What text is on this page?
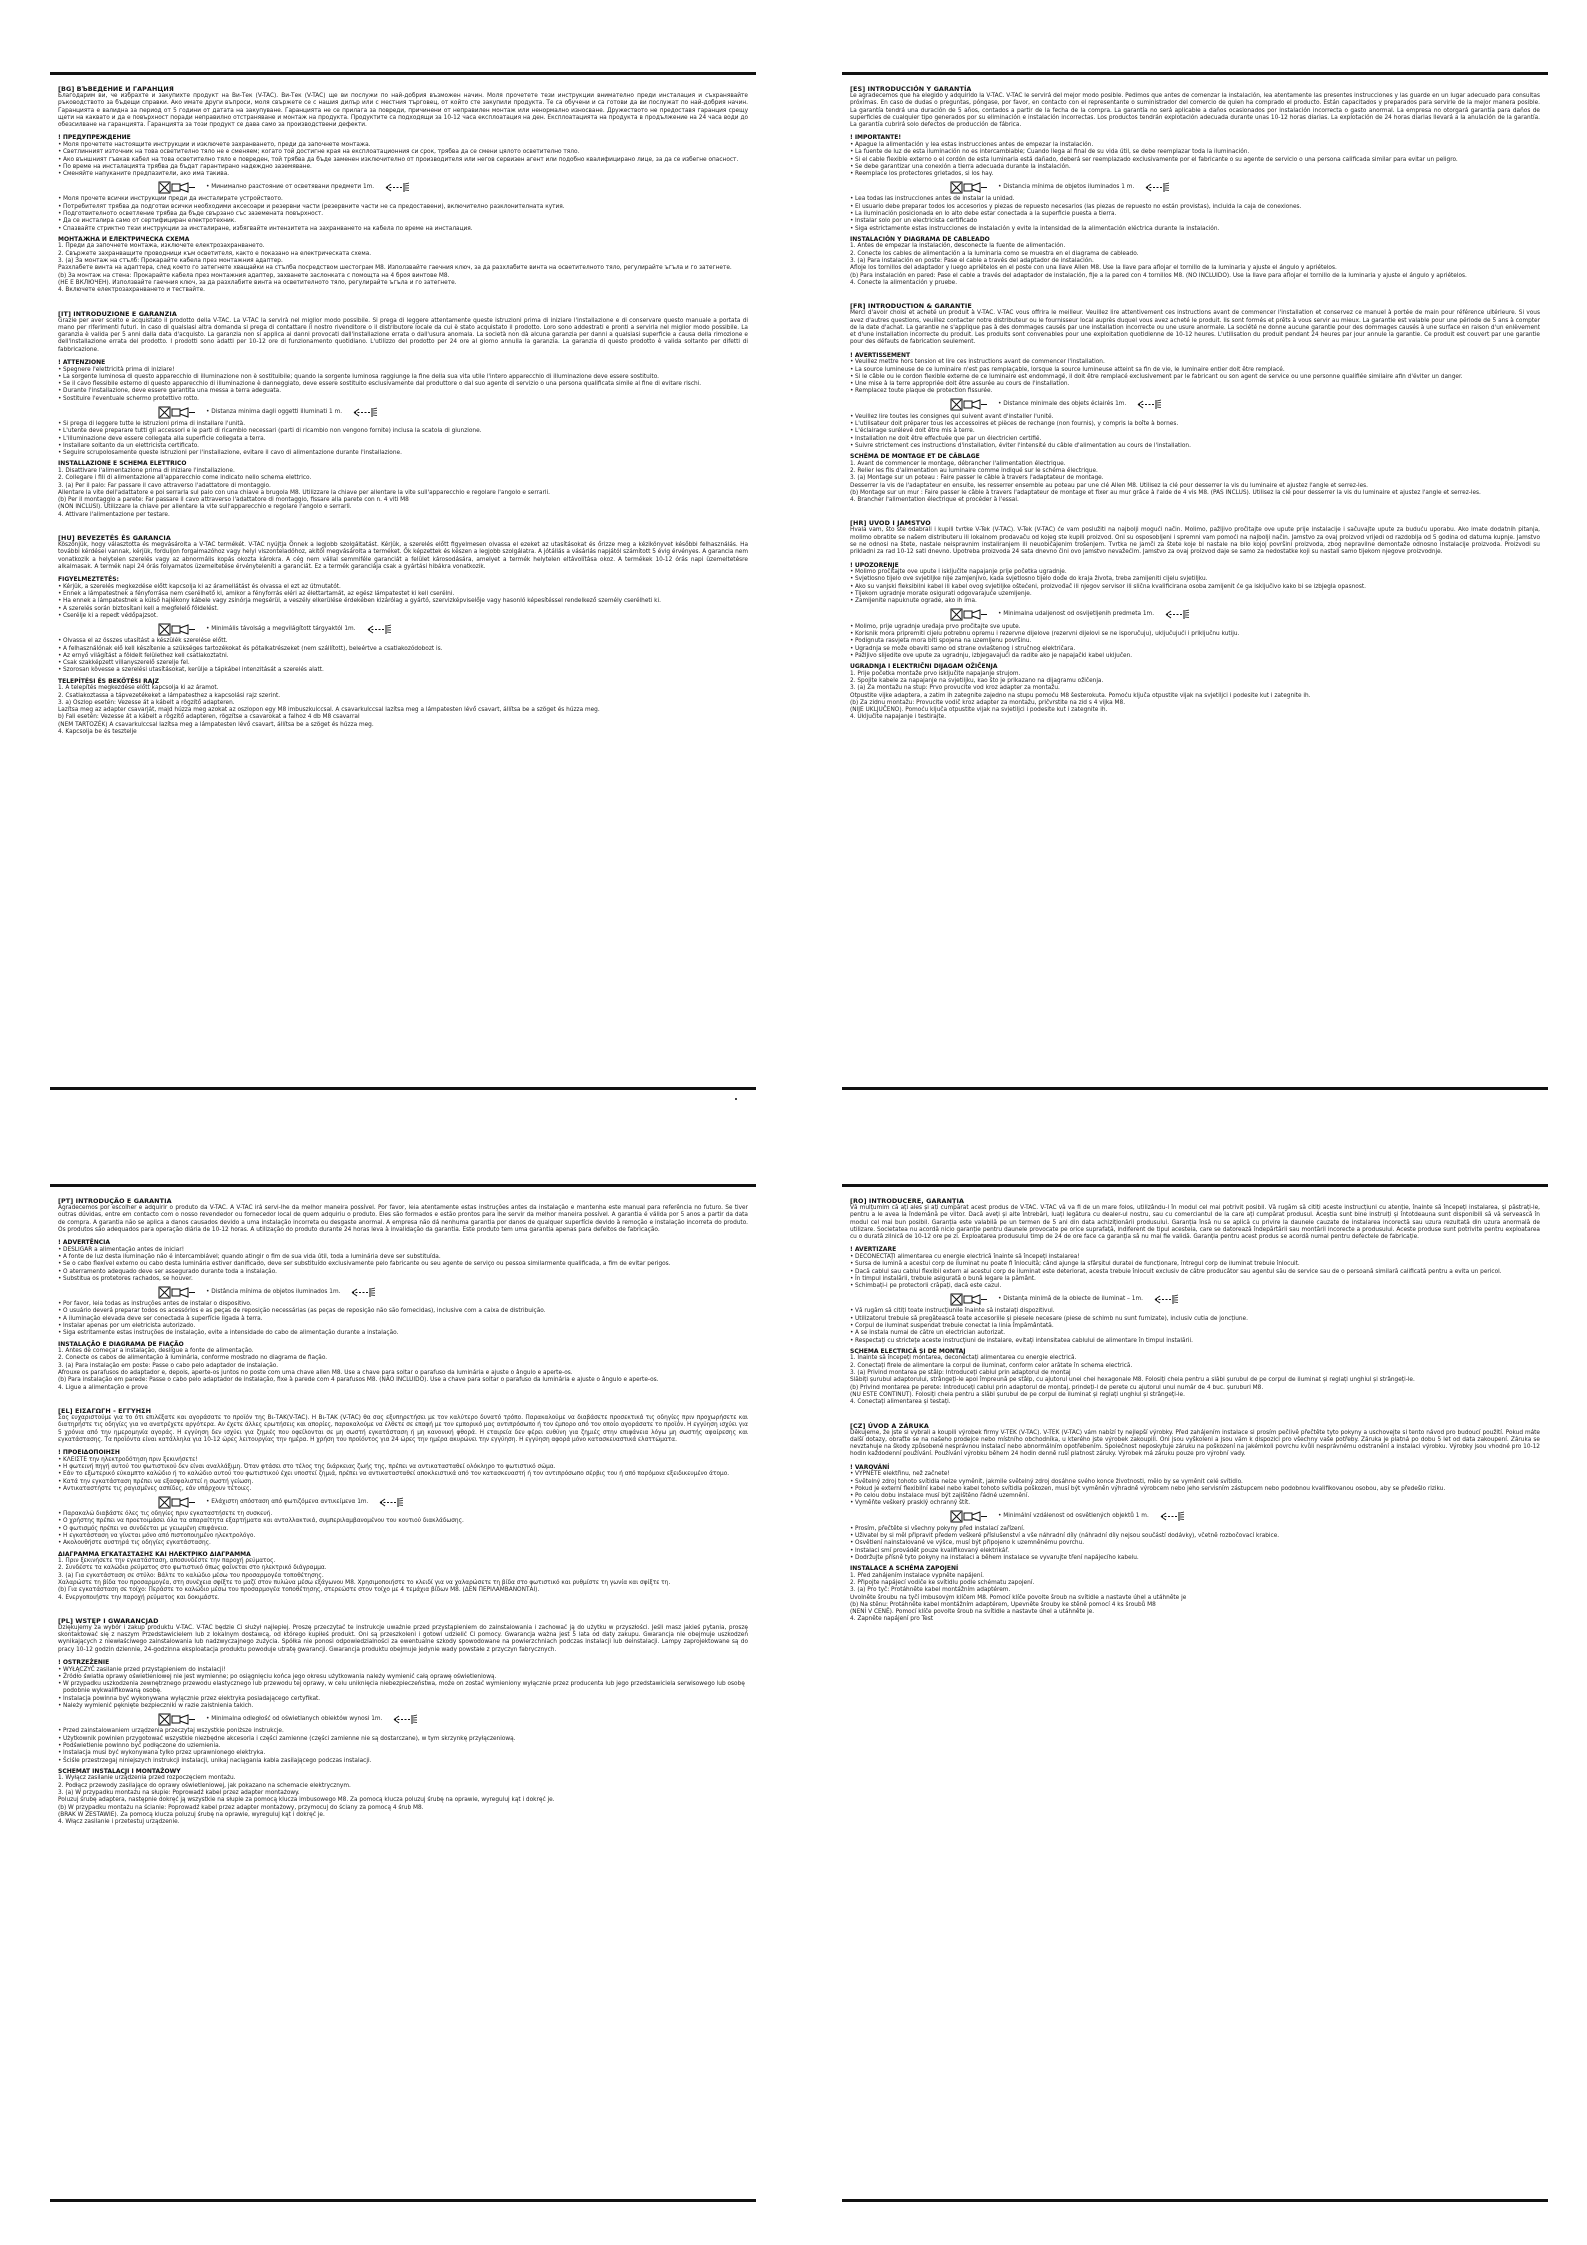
[BG] ВЪВЕДЕНИЕ И ГАРАНЦИЯ
Благодарим ви, че избрахте и закупихте продукт на Ви-Тек (V-TAC). Ви-Тек (V-TAC) ще ви послужи по най-добрия възможен начин. Моля прочетете тези инструкции внимателно преди инсталация и съхранявайте ръководството за бъдещи справки. Ако имате други въпроси, моля свържете се с нашия дилър или с местния търговец, от който сте закупили продукта. Те са обучени и са готови да ви послужат по най-добрия начин. Гаранцията е валидна за период от 5 години от датата на закупуване. Гаранцията не се прилага за повреди, причинени от неправилен монтаж или ненормално износване. Дружеството не предоставя гаранция срещу щети на каквато и да е повърхност поради неправилно отстраняване и монтаж на продукта. Продуктите са подходящи за 10-12 часа експлоатация на ден. Експлоатацията на продукта в продължение на 24 часа води до обезсилване на гаранцията. Гаранцията за този продукт се дава само за производствени дефекти.
! ПРЕДУПРЕЖДЕНИЕ
• Моля прочетете настоящите инструкции и изключете захранването, преди да започнете монтажа.
• Светлинният източник на това осветително тяло не е сменяем; когато той достигне края на експлоатационния си срок, трябва да се смени цялото осветително тяло.
• Ако външният гъвкав кабел на това осветително тяло е повреден, той трябва да бъде заменен изключително от производителя или негов сервизен агент или подобно квалифицирано лице, за да се избегне опасност.
• По време на инсталацията трябва да бъдат гарантирано надеждно заземяване.
• Сменяйте напуканите предпазители, ако има такива.
• Минимално разстояние от осветявани предмети 1m.
• Моля прочете всички инструкции преди да инсталирате устройството.
• Потребителят трябва да подготви всички необходими аксесоари и резервни части (резервните части не са предоставени), включително разклонителната кутия.
• Подготвителното осветление трябва да бъде свързано със заземената повърхност.
• Да се инсталира само от сертифициран електротехник.
• Спазвайте стриктно тези инструкции за инсталиране, избягвайте интензитета на захранването на кабела по време на инсталация.
МОНТАЖНА И ЕЛЕКТРИЧЕСКА СХЕМА
1. Преди да започнете монтажа, изключете електрозахранването.
2. Свържете захранващите проводници към осветителя, както е показано на електрическата схема.
3. (а) За монтаж на стълб: Прокарайте кабела през монтажния адаптер.
Разхлабете винта на адаптера, след което го затегнете хващайки на стълба посредством шестограм M8. Използвайте гаечния ключ, за да разхлабите винта на осветителното тяло, регулирайте ъгъла и го затегнете.
(b) За монтаж на стена: Прокарайте кабела през монтажния адаптер, захванете заслонката с помощта на 4 броя винтове M8.
(НЕ Е ВКЛЮЧЕН). Използвайте гаечния ключ, за да разхлабите винта на осветителното тяло, регулирайте ъгъла и го затегнете.
4. Включете електрозахранването и тествайте.
[IT] INTRODUZIONE E GARANZIA
Grazie per aver scelto e acquistato il prodotto della V-TAC. La V-TAC la servirà nel miglior modo possibile. Si prega di leggere attentamente queste istruzioni prima di iniziare l'installazione e di conservare questo manuale a portata di mano per riferimenti futuri. In caso di qualsiasi altra domanda si prega di contattare il nostro rivenditore o il distributore locale da cui è stato acquistato il prodotto. Loro sono addestrati e pronti a servirla nel miglior modo possibile. La garanzia è valida per 5 anni dalla data d'acquisto. La garanzia non si applica ai danni provocati dall'installazione errata o dall'usura anomala. La società non dà alcuna garanzia per danni a qualsiasi superficie a causa della rimozione e dell'installazione errata del prodotto. I prodotti sono adatti per 10-12 ore di funzionamento quotidiano. L'utilizzo del prodotto per 24 ore al giorno annulla la garanzia. La garanzia di questo prodotto è valida soltanto per difetti di fabbricazione.
! ATTENZIONE
• Spegnere l'elettricità prima di iniziare!
• La sorgente luminosa di questo apparecchio di illuminazione non è sostituibile; quando la sorgente luminosa raggiunge la fine della sua vita utile l'intero apparecchio di illuminazione deve essere sostituito.
• Se il cavo flessibile esterno di questo apparecchio di illuminazione è danneggiato, deve essere sostituito esclusivamente dal produttore o dal suo agente di servizio o una persona qualificata simile al fine di evitare rischi.
• Durante l'installazione, deve essere garantita una messa a terra adeguata.
• Sostituire l'eventuale schermo protettivo rotto.
• Distanza minima dagli oggetti illuminati 1 m.
• Si prega di leggere tutte le istruzioni prima di installare l'unità.
• L'utente deve preparare tutti gli accessori e le parti di ricambio necessari (parti di ricambio non vengono fornite) inclusa la scatola di giunzione.
• L'illuminazione deve essere collegata alla superficie collegata a terra.
• Installare soltanto da un elettricista certificato.
• Seguire scrupolosamente queste istruzioni per l'installazione, evitare il cavo di alimentazione durante l'installazione.
INSTALLAZIONE E SCHEMA ELETTRICO
1. Disattivare l'alimentazione prima di iniziare l'installazione.
2. Collegare i fili di alimentazione all'apparecchio come indicato nello schema elettrico.
3. (a) Per il palo: Far passare il cavo attraverso l'adattatore di montaggio.
Allentare la vite dell'adattatore e poi serrarla sul palo con una chiave a brugola M8. Utilizzare la chiave per allentare la vite sull'apparecchio e regolare l'angolo e serrarli.
(b) Per il montaggio a parete: Far passare il cavo attraverso l'adattatore di montaggio, fissare alla parete con n. 4 viti M8
(NON INCLUSI). Utilizzare la chiave per allentare la vite sull'apparecchio e regolare l'angolo e serrarli.
4. Attivare l'alimentazione per testare.
[HU] BEVEZETÉS ÉS GARANCIA
Köszönjük, hogy választotta és megvásárolta a V-TAC termékét. V-TAC nyújtja Önnek a legjobb szolgáltatást. Kérjük, a szerelés előtt figyelmesen olvassa el ezeket az utasításokat és őrizze meg a kézikönyvet későbbi felhasználás. Ha további kérdései vannak, kérjük, forduljon forgalmazóhoz vagy helyi viszonteladóhoz, akitől megvásárolta a terméket. Ők képzettek és készen a legjobb szolgálatra. A jótállás a vásárlás napjától számított 5 évig érvényes. A garancia nem vonatkozik a helytelen szerelés vagy az abnormális kopás okozta károkra. A cég nem vállal semmiféle garanciát a felület károsodására, amelyet a termék helytelen eltávolítása okoz. A termékek 10-12 órás napi üzemeltetésre alkalmasak. A termék napi 24 órás folyamatos üzemeltetése érvényteleníti a garanciát. Ez a termék garanciája csak a gyártási hibákra vonatkozik.
FIGYELMEZTETÉS:
• Kérjük, a szerelés megkezdése előtt kapcsolja ki az áramellátást és olvassa el ezt az útmutatót.
• Ennek a lámpatestnek a fényforrása nem cserélhető ki, amikor a fényforrás eléri az élettartamát, az egész lámpatestet ki kell cserélni.
• Ha ennek a lámpatestnek a külső hajlékony kábele vagy zsinórja megsérül, a veszély elkerülése érdekében kizárólag a gyártó, szervizképviselője vagy hasonló képesítéssel rendelkező személy cserélheti ki.
• A szerelés során biztosítani kell a megfelelő földelést.
• Cserélje ki a repedt védőpajzsot.
• Minimális távolság a megvilágított tárgyaktól 1m.
• Olvassa el az összes utasítást a készülék szerelése előtt.
• A felhasználónak elő kell készítenie a szükséges tartozékokat és pótalkatrészeket (nem szállított), beleértve a csatlakozódobozt is.
• Az ernyő világítást a földelt felülethez kell csatlakoztatni.
• Csak szakképzett villanyszerelő szerelje fel.
• Szorosan kövesse a szerelési utasításokat, kerülje a tápkábel intenzitását a szerelés alatt.
TELEPÍTÉSI ÉS BEKÖTÉSI RAJZ
1. A telepítés megkezdése előtt kapcsolja ki az áramot.
2. Csatlakoztassa a tápvezetékeket a lámpatesthez a kapcsolási rajz szerint.
3. a) Oszlop esetén: Vezesse át a kábelt a rögzítő adapteren.
Lazítsa meg az adapter csavarját, majd húzza meg azokat az oszlopon egy M8 imbuszkulccsal. A csavarkulccsal lazítsa meg a lámpatesten lévő csavart, állítsa be a szöget és húzza meg.
b) Fali esetén: Vezesse át a kábelt a rögzítő adapteren, rögzítse a csavarokat a falhoz 4 db M8 csavarral
(NEM TARTOZÉK) A csavarkulccsal lazítsa meg a lámpatesten lévő csavart, állítsa be a szöget és húzza meg.
4. Kapcsolja be és tesztelje
[ES] INTRODUCCIÓN Y GARANTÍA
Le agradecemos que ha elegido y adquirido la V-TAC. V-TAC le servirá del mejor modo posible. Pedimos que antes de comenzar la instalación, lea atentamente las presentes instrucciones y las guarde en un lugar adecuado para consultas próximas. En caso de dudas o preguntas, póngase, por favor, en contacto con el representante o suministrador del comercio de quien ha comprado el producto. Están capacitados y preparados para servirle de la mejor manera posible. La garantía tendrá una duración de 5 años, contados a partir de la fecha de la compra. La garantía no será aplicable a daños ocasionados por instalación incorrecta o gasto anormal. La empresa no otorgará garantía para daños de superficies de cualquier tipo generados por su eliminación e instalación incorrectas. Los productos tendrán explotación adecuada durante unas 10-12 horas diarias. La explotación de 24 horas diarias llevará a la anulación de la garantía. La garantía cubrirá solo defectos de producción de fábrica.
! IMPORTANTE!
• Apague la alimentación y lea estas instrucciones antes de empezar la instalación.
• La fuente de luz de esta iluminación no es intercambiable; Cuando llega al final de su vida útil, se debe reemplazar toda la iluminación.
• Si el cable flexible externo o el cordón de esta luminaria está dañado, deberá ser reemplazado exclusivamente por el fabricante o su agente de servicio o una persona calificada similar para evitar un peligro.
• Se debe garantizar una conexión a tierra adecuada durante la instalación.
• Reemplace los protectores grietados, si los hay.
• Distancia mínima de objetos iluminados 1 m.
• Lea todas las instrucciones antes de instalar la unidad.
• El usuario debe preparar todos los accesorios y piezas de repuesto necesarios (las piezas de repuesto no están provistas), incluida la caja de conexiones.
• La iluminación posicionada en lo alto debe estar conectada a la superficie puesta a tierra.
• Instalar solo por un electricista certificado
• Siga estrictamente estas instrucciones de instalación y evite la intensidad de la alimentación eléctrica durante la instalación.
INSTALACIÓN Y DIAGRAMA DE CABLEADO
1. Antes de empezar la instalación, desconecte la fuente de alimentación.
2. Conecte los cables de alimentación a la luminaria como se muestra en el diagrama de cableado.
3. (a) Para instalación en poste: Pase el cable a través del adaptador de instalación.
Afloje los tornillos del adaptador y luego apriételos en el poste con una llave Allen M8. Use la llave para aflojar el tornillo de la luminaria y ajuste el ángulo y apriételos.
(b) Para instalación en pared: Pase el cable a través del adaptador de instalación, fije a la pared con 4 tornillos M8. (NO INCLUIDO). Use la llave para aflojar el tornillo de la luminaria y ajuste el ángulo y apriételos.
4. Conecte la alimentación y pruebe.
[FR] INTRODUCTION & GARANTIE
Merci d'avoir choisi et acheté un produit à V-TAC. V-TAC vous offrira le meilleur. Veuillez lire attentivement ces instructions avant de commencer l'installation et conservez ce manuel à portée de main pour référence ultérieure. Si vous avez d'autres questions, veuillez contacter notre distributeur ou le fournisseur local auprès duquel vous avez acheté le produit. Ils sont formés et prêts à vous servir au mieux. La garantie est valable pour une période de 5 ans à compter de la date d'achat. La garantie ne s'applique pas à des dommages causés par une installation incorrecte ou une usure anormale. La société ne donne aucune garantie pour des dommages causés à une surface en raison d'un enlèvement et d'une installation incorrecte du produit. Les produits sont convenables pour une exploitation quotidienne de 10-12 heures. L'utilisation du produit pendant 24 heures par jour annule la garantie. Ce produit est couvert par une garantie pour des défauts de fabrication seulement.
! AVERTISSEMENT
• Veuillez mettre hors tension et lire ces instructions avant de commencer l'installation.
• La source lumineuse de ce luminaire n'est pas remplaçable, lorsque la source lumineuse atteint sa fin de vie, le luminaire entier doit être remplacé.
• Si le câble ou le cordon flexible externe de ce luminaire est endommagé, il doit être remplacé exclusivement par le fabricant ou son agent de service ou une personne qualifiée similaire afin d'éviter un danger.
• Une mise à la terre appropriée doit être assurée au cours de l'installation.
• Remplacez toute plaque de protection fissurée.
• Distance minimale des objets éclairés 1m.
• Veuillez lire toutes les consignes qui suivent avant d'installer l'unité.
• L'utilisateur doit préparer tous les accessoires et pièces de rechange (non fournis), y compris la boîte à bornes.
• L'éclairage surélevé doit être mis à terre.
• Installation ne doit être effectuée que par un électricien certifié.
• Suivre strictement ces instructions d'installation, éviter l'intensité du câble d'alimentation au cours de l'installation.
SCHÉMA DE MONTAGE ET DE CÂBLAGE
1. Avant de commencer le montage, débrancher l'alimentation électrique.
2. Relier les fils d'alimentation au luminaire comme indiqué sur le schéma électrique.
3. (a) Montage sur un poteau : Faire passer le câble à travers l'adaptateur de montage.
Desserrer la vis de l'adaptateur en ensuite, les resserrer ensemble au poteau par une clé Allen M8. Utilisez la clé pour desserrer la vis du luminaire et ajustez l'angle et serrez-les.
(b) Montage sur un mur : Faire passer le câble à travers l'adaptateur de montage et fixer au mur grâce à l'aide de 4 vis M8. (PAS INCLUS). Utilisez la clé pour desserrer la vis du luminaire et ajustez l'angle et serrez-les.
4. Brancher l'alimentation électrique et procéder à l'essai.
[HR] UVOD I JAMSTVO
Hvala vam, što ste odabrali i kupili tvrtke V-Tek (V-TAC). V-Tek (V-TAC) će vam poslužiti na najbolji mogući način. Molimo, pažljivo pročitajte ove upute prije instalacije i sačuvajte upute za buduću uporabu. Ako imate dodatnih pitanja, molimo obratite se našem distributeru ili lokalnom prodavaču od kojeg ste kupili proizvod. Oni su osposobljeni i spremni vam pomoći na najbolji način. Jamstvo za ovaj proizvod vrijedi od razdoblja od 5 godina od datuma kupnje. Jamstvo se ne odnosi na štete, nastale neispravnim instaliranjem ili neuobičajenim trošenjem. Tvrtka ne jamči za štete koje bi nastale na bilo kojoj površini proizvoda, zbog nepravilne demontaže odnosno instalacije proizvoda. Proizvodi su prikladni za rad 10-12 sati dnevno. Upotreba proizvoda 24 sata dnevno čini ovo jamstvo nevažećim. Jamstvo za ovaj proizvod daje se samo za nedostatke koji su nastali samo tijekom njegove proizvodnje.
! UPOZORENJE
• Molimo pročitajte ove upute i isključite napajanje prije početka ugradnje.
• Svjetlosno tijelo ove svjetiljke nije zamjenjivo, kada svjetlosno tijelo dođe do kraja životа, treba zamijeniti cijelu svjetiljku.
• Ako su vanjski fleksibilni kabel ili kabel ovog svjetiljke oštećeni, proizvođač ili njegov servisor ili slična kvalificirana osoba zamijenit će ga isključivo kako bi se izbjegla opasnost.
• Tijekom ugradnje morate osigurati odgovarajuće uzemljenje.
• Zamijenite napuknute ograde, ako ih ima.
• Minimalna udaljenost od osvijetljenih predmeta 1m.
• Molimo, prije ugradnje uređaja prvo pročitajte sve upute.
• Korisnik mora pripremiti cijelu potrebnu opremu i rezervne dijelove (rezervni dijelovi se ne isporučuju), uključujući i priključnu kutiju.
• Podignuta rasvjeta mora biti spojena na uzemljenu površinu.
• Ugradnja se može obaviti samo od strane ovlaštenog i stručnog električara.
• Pažljivo slijedite ove upute za ugradnju, izbjegavajući da radite ako je napajački kabel uključen.
UGRADNJA I ELEKTRIČNI DIJAGAM OŽIČENJA
1. Prije početka montaže prvo isključite napajanje strujom.
2. Spojite kabele za napajanje na svjetiljku, kao što je prikazano na dijagramu ožičenja.
3. (a) Za montažu na stup: Prvo provucite vod kroz adapter za montažu.
Otpustite vijke adaptera, a zatim ih zategnite zajedno na stupu pomoću M8 šesterokuta. Pomoću ključa otpustite vijak na svjetiljci i podesite kut i zategnite ih.
(b) Za zidnu montažu: Provucite vodič kroz adapter za montažu, pričvrstite na zid s 4 vijka M8.
(NIJE UKLJUČENO). Pomoću ključa otpustite vijak na svjetiljci i podesite kut i zategnite ih.
4. Uključite napajanje i testirajte.
[PT] INTRODUÇÃO E GARANTIA
Agradecemos por escolher e adquirir o produto da V-TAC. A V-TAC irá servi-lhe da melhor maneira possível. Por favor, leia atentamente estas instruções antes da instalação e mantenha este manual para referência no futuro. Se tiver outras dúvidas, entre em contacto com o nosso revendedor ou fornecedor local de quem adquiriu o produto. Eles são formados e estão prontos para lhe servir da melhor maneira possível. A garantia é válida por 5 anos a partir da data de compra. A garantia não se aplica a danos causados devido a uma instalação incorreta ou desgaste anormal. A empresa não dá nenhuma garantia por danos de qualquer superfície devido à remoção e instalação incorreta do produto. Os produtos são adequados para operação diária de 10-12 horas. A utilização do produto durante 24 horas leva à invalidação da garantia. Este produto tem uma garantia apenas para defeitos de fabricação.
! ADVERTÊNCIA
• DESLIGAR a alimentação antes de iniciar!
• A fonte de luz desta iluminação não é intercambiável; quando atingir o fim de sua vida útil, toda a luminária deve ser substituída.
• Se o cabo flexível externo ou cabo desta luminária estiver danificado, deve ser substituído exclusivamente pelo fabricante ou seu agente de serviço ou pessoa similarmente qualificada, a fim de evitar perigos.
• O aterramento adequado deve ser assegurado durante toda a instalação.
• Substitua os protetores rachados, se houver.
• Distância mínima de objetos iluminados 1m.
• Por favor, leia todas as instruções antes de instalar o dispositivo.
• O usuário deverá preparar todos os acessórios e as peças de reposição necessárias (as peças de reposição não são fornecidas), inclusive com a caixa de distribuição.
• A iluminação elevada deve ser conectada à superfície ligada à terra.
• Instalar apenas por um eletricista autorizado.
• Siga estritamente estas instruções de instalação, evite a intensidade do cabo de alimentação durante a instalação.
INSTALAÇÃO E DIAGRAMA DE FIAÇÃO
1. Antes de começar a instalação, desligue a fonte de alimentação.
2. Conecte os cabos de alimentação à luminária, conforme mostrado no diagrama de fiação.
3. (a) Para instalação em poste: Passe o cabo pelo adaptador de instalação.
Afrouxe os parafusos do adaptador e, depois, aperte-os juntos no poste com uma chave allen M8. Use a chave para soltar o parafuso da luminária e ajuste o ângulo e aperte-os.
(b) Para instalação em parede: Passe o cabo pelo adaptador de instalação, fixe à parede com 4 parafusos M8. (NÃO INCLUIDO). Use a chave para soltar o parafuso da luminária e ajuste o ângulo e aperte-os.
4. Ligue a alimentação e prove
[EL] ΕΙΣΑΓΩΓΗ - ΕΓΓΥΗΣΗ
Σας ευχαριστούμε για το ότι επιλέξατε και αγοράσατε το προϊόν της Βι-ΤΑΚ(V-TAC). Η Βι-ΤΑΚ (V-TAC) θα σας εξυπηρετήσει με τον καλύτερο δυνατό τρόπο. Παρακαλούμε να διαβάσετε προσεκτικά τις οδηγίες πριν προχωρήσετε και διατηρήστε τις οδηγίες για να ανατρέχετε αργότερα. Αν έχετε άλλες ερωτήσεις και απορίες, παρακαλούμε να έλθετε σε επαφή με τον εμπορικό μας αντιπρόσωπο ή τον έμπορο από τον οποίο αγοράσατε το προϊόν. Η εγγύηση ισχύει για 5 χρόνια από την ημερομηνία αγοράς. Η εγγύηση δεν ισχύει για ζημιές που οφείλονται σε μη σωστή εγκατάσταση ή μη κανονική φθορά. Η εταιρεία δεν φέρει ευθύνη για ζημιές στην επιφάνεια λόγω μη σωστής αφαίρεσης και εγκατάστασης. Τα προϊόντα είναι κατάλληλα για 10-12 ώρες λειτουργίας την ημέρα. Η χρήση του προϊόντος για 24 ώρες την ημέρα ακυρώνει την εγγύηση. Η εγγύηση αφορά μόνο κατασκευαστικά ελαττώματα.
! ΠΡΟΕΙΔΟΠΟΙΗΣΗ
• ΚΛΕΙΣΤΕ την ηλεκτροδότηση πριν ξεκινήσετε!
• Η φωτεινή πηγή αυτού του φωτιστικού δεν είναι αναλλάξιμη. Όταν φτάσει στο τέλος της διάρκειας ζωής της, πρέπει να αντικατασταθεί ολόκληρο το φωτιστικό σώμα.
• Εάν το εξωτερικό εύκαμπτο καλώδιο ή το καλώδιο αυτού του φωτιστικού έχει υποστεί ζημιά, πρέπει να αντικατασταθεί αποκλειστικά από τον κατασκευαστή ή τον αντιπρόσωπο σέρβις του ή από παρόμοια εξειδικευμένο άτομο.
• Κατά την εγκατάσταση πρέπει να εξασφαλιστεί η σωστή γείωση.
• Αντικαταστήστε τις ραγισμένες ασπίδες, εάν υπάρχουν τέτοιες.
• Ελάχιστη απόσταση από φωτιζόμενα αντικείμενα 1m.
• Παρακαλώ διαβάστε όλες τις οδηγίες πριν εγκαταστήσετε τη συσκευή.
• Ο χρήστης πρέπει να προετοιμάσει όλα τα απαραίτητα εξαρτήματα και ανταλλακτικά, συμπεριλαμβανομένου του κουτιού διακλάδωσης.
• Ο φωτισμός πρέπει να συνδέεται με γειωμένη επιφάνεια.
• Η εγκατάσταση να γίνεται μόνο από πιστοποιημένο ηλεκτρολόγο.
• Ακολουθήστε αυστηρά τις οδηγίες εγκατάστασης.
ΔΙΑΓΡΑΜΜΑ ΕΓΚΑΤΑΣΤΑΣΗΣ ΚΑΙ ΗΛΕΚΤΡΙΚΟ ΔΙΑΓΡΑΜΜΑ
1. Πριν ξεκινήσετε την εγκατάσταση, αποσυνδέστε την παροχή ρεύματος.
2. Συνδέστε τα καλώδια ρεύματος στο φωτιστικό όπως φαίνεται στο ηλεκτρικό διάγραμμα.
3. (a) Για εγκατάσταση σε στύλο: Βάλτε το καλώδιο μέσω του προσαρμογέα τοποθέτησης.
Χαλαρώστε τη βίδα του προσαρμογέα, στη συνέχεια σφίξτε το μαζί στον πυλώνα μέσω εξάγωνου M8. Χρησιμοποιήστε το κλειδί για να χαλαρώσετε τη βίδα στο φωτιστικό και ρυθμίστε τη γωνία και σφίξτε τη.
(b) Για εγκατάσταση σε τοίχο: Περάστε το καλώδιο μέσω του προσαρμογέα τοποθέτησης, στερεώστε στον τοίχο με 4 τεμάχια βίδων M8. (ΔΕΝ ΠΕΡΙΛΑΜΒΑΝΟΝΤΑΙ).
4. Ενεργοποιήστε την παροχή ρεύματος και δοκιμάστε.
[PL] WSTĘP I GWARANCJAD
Dziękujemy za wybór i zakup produktu V-TAC. V-TAC będzie Ci służył najlepiej. Proszę przeczytać te instrukcje uważnie przed przystąpieniem do zainstalowania i zachować ją do użytku w przyszłości. Jeśli masz jakieś pytania, proszę skontaktować się z naszym Przedstawicielem lub z lokalnym dostawcą, od którego kupiłeś produkt. Oni są przeszkoleni i gotowi udzielić Ci pomocy. Gwarancja ważna jest 5 lata od daty zakupu. Gwarancja nie obejmuje uszkodzeń wynikających z niewłaściwego zainstalowania lub nadzwyczajnego zużycia. Spółka nie ponosi odpowiedzialności za ewentualne szkody spowodowane na powierzchniach podczas instalacji lub deinstalacji. Lampy zaprojektowane są do pracy 10-12 godzin dziennie, 24-godzinna eksploatacja produktu powoduje utratę gwarancji. Gwarancja produktu obejmuje jedynie wady powstałe z przyczyn fabrycznych.
! OSTRZEŻENIE
• WYŁĄCZYĆ zasilanie przed przystąpieniem do instalacji!
• Źródło światła oprawy oświetleniowej nie jest wymienne; po osiągnięciu końca jego okresu użytkowania należy wymienić całą oprawę oświetleniową.
• W przypadku uszkodzenia zewnętrznego przewodu elastycznego lub przewodu tej oprawy, w celu uniknięcia niebezpieczeństwa, może on zostać wymieniony wyłącznie przez producenta lub jego przedstawiciela serwisowego lub osobę podobnie wykwalifikowaną osobę.
• Instalacja powinna być wykonywana wyłącznie przez elektryka posiadającego certyfikat.
• Należy wymienić pęknięte bezpieczniki w razie zaistnienia takich.
• Minimalna odległość od oświetlanych obiektów wynosi 1m.
• Przed zainstalowaniem urządzenia przeczytaj wszystkie poniższe instrukcje.
• Użytkownik powinien przygotować wszystkie niezbędne akcesoria i części zamienne (części zamienne nie są dostarczane), w tym skrzynkę przyłączeniową.
• Podświetlenie powinno być podłączone do uziemienia.
• Instalacja musi być wykonywana tylko przez uprawnionego elektryka.
• Ściśle przestrzegaj niniejszych instrukcji instalacji, unikaj naciągania kabla zasilającego podczas instalacji.
SCHEMAT INSTALACJI I MONTAŻOWY
1. Wyłącz zasilanie urządzenia przed rozpoczęciem montażu.
2. Podłącz przewody zasilające do oprawy oświetleniowej, jak pokazano na schemacie elektrycznym.
3. (a) W przypadku montażu na słupie: Poprowadź kabel przez adapter montażowy.
Poluzuj śrubę adaptera, następnie dokręć ją wszystkie na słupie za pomocą klucza imbusowego M8. Za pomocą klucza poluzuj śrubę na oprawie, wyreguluj kąt i dokręć je.
(b) W przypadku montażu na ścianie: Poprowadź kabel przez adapter montażowy, przymocuj do ściany za pomocą 4 śrub M8.
(BRAK W ZESTAWIE). Za pomocą klucza poluzuj śrubę na oprawie, wyreguluj kąt i dokręć je.
4. Włącz zasilanie i przetestuj urządzenie.
[RO] INTRODUCERE, GARANȚIA
Vă mulțumim că ați ales și ați cumpărat acest produs de V-TAC. V-TAC vă va fi de un mare folos, utilizându-l în modul cel mai potrivit posibil. Vă rugăm să citiți aceste instrucțiuni cu atenție, înainte să începeți instalarea, și păstrați-le, pentru a le avea la îndemână pe viitor. Dacă aveți și alte întrebări, luați legătura cu dealer-ul nostru, sau cu comerciantul de la care ați cumpărat produsul. Aceștia sunt bine instruiți și întotdeauna sunt disponibili să vă servească în modul cel mai bun posibil. Garanția este valabilă pe un termen de 5 ani din data achiziționării produsului. Garanția însă nu se aplică cu privire la daunele cauzate de instalarea incorectă sau uzura rezultată din uzura anormală de utilizare. Societatea nu acordă nicio garanție pentru daunele provocate pe orice suprafață, indiferent de tipul acesteia, care se datorează îndepărtării sau montării incorecte a produsului. Aceste produse sunt potrivite pentru exploatarea cu o durată zilnică de 10-12 ore pe zi. Exploatarea produsului timp de 24 de ore face ca garanția să nu mai fie validă. Garanția pentru acest produs se acordă numai pentru defectele de fabricație.
! AVERTIZARE
• DECONECTAȚI alimentarea cu energie electrică înainte să începeți instalarea!
• Sursa de lumină a acestui corp de iluminat nu poate fi înlocuită; când ajunge la sfârșitul duratei de funcționare, întregul corp de iluminat trebuie înlocuit.
• Dacă cablul sau cablul flexibil extern al acestui corp de iluminat este deteriorat, acesta trebuie înlocuit exclusiv de către producător sau agentul său de service sau de o persoană similară calificată pentru a evita un pericol.
• În timpul instalării, trebuie asigurată o bună legare la pământ.
• Schimbați-i pe protectorii crăpați, dacă este cazul.
• Distanța minimă de la obiecte de iluminat – 1m.
• Vă rugăm să citiți toate instrucțiunile înainte să instalați dispozitivul.
• Utilizatorul trebuie să pregătească toate accesoriile și piesele necesare (piese de schimb nu sunt furnizate), inclusiv cutia de joncțiune.
• Corpul de iluminat suspendat trebuie conectat la linia împământată.
• A se instala numai de către un electrician autorizat.
• Respectați cu strictețe aceste instrucțiuni de instalare, evitați intensitatea cablului de alimentare în timpul instalării.
SCHEMA ELECTRICĂ ȘI DE MONTAJ
1. Înainte să începeți montarea, deconectați alimentarea cu energie electrică.
2. Conectați firele de alimentare la corpul de iluminat, conform celor arătate în schema electrică.
3. (a) Privind montarea pe stâlp: Introduceți cablul prin adaptorul de montaj
Slăbiți șurubul adaptorului, strângeți-le apoi împreună pe stâlp, cu ajutorul unei chei hexagonale M8. Folosiți cheia pentru a slăbi șurubul de pe corpul de iluminat și reglați unghiul și strângeți-le.
(b) Privind montarea pe perete: Introduceți cablul prin adaptorul de montaj, prindeți-l de perete cu ajutorul unui număr de 4 buc. șuruburi M8.
(NU ESTE CONTINUT). Folosiți cheia pentru a slăbi șurubul de pe corpul de iluminat și reglați unghiul și strângeți-le.
4. Conectați alimentarea și testați.
[CZ] ÚVOD A ZÁRUKA
Děkujeme, že jste si vybrali a koupili výrobek firmy V-TEK (V-TAC). V-TEK (V-TAC) vám nabízí ty nejlepší výrobky. Před zahájením instalace si prosím pečlivě přečtěte tyto pokyny a uschovejte si tento návod pro budoucí použití. Pokud máte další dotazy, obraťte se na našeho prodejce nebo místního obchodníka, u kterého jste výrobek zakoupili. Oni jsou vyškoleni a jsou vám k dispozici pro všechny vaše potřeby. Záruka je platná po dobu 5 let od data zakoupení. Záruka se nevztahuje na škody způsobené nesprávnou instalací nebo abnormálním opotřebením. Společnost neposkytuje záruku na poškození na jakémkoli povrchu kvůli nesprávnému odstranění a instalaci výrobku. Výrobky jsou vhodné pro 10-12 hodin každodenní používání. Používání výrobku během 24 hodin denně ruší platnost záruky. Výrobek má záruku pouze pro výrobní vady.
! VAROVÁNÍ
• VYPNĚTE elektřinu, než začnete!
• Světelný zdroj tohoto svítidla nelze vyměnit, jakmile světelný zdroj dosáhne svého konce životnosti, mělo by se vyměnit celé svítidlo.
• Pokud je externí flexibilní kabel nebo kabel tohoto svítidla poškozen, musí být vyměněn výhradně výrobcem nebo jeho servisním zástupcem nebo podobnou kvalifikovanou osobou, aby se předešlo riziku.
• Po celou dobu instalace musí být zajištěno řádné uzemnění.
• Vyměňte veškerý prasklý ochranný štít.
• Minimální vzdálenost od osvětlených objektů 1 m.
• Prosím, přečtěte si všechny pokyny před instalací zařízení.
• Uživatel by si měl připravit předem veškeré příslušenství a vše náhradní díly (náhradní díly nejsou součástí dodávky), včetně rozbočovací krabice.
• Osvětlení nainstalované ve výšce, musí být připojeno k uzemněnému povrchu.
• Instalaci smí provádět pouze kvalifikovaný elektrikář.
• Dodržujte přísně tyto pokyny na instalaci a během instalace se vyvarujte tření napájecího kabelu.
INSTALACE A SCHÉMA ZAPOJENÍ
1. Před zahájením instalace vypněte napájení.
2. Připojte napájecí vodiče ke svítidlu podle schématu zapojení.
3. (a) Pro tyč: Protáhněte kabel montážním adaptérem.
Uvolněte šroubu na tyčí imbusovým klíčem M8. Pomocí klíče povolte šroub na svítidle a nastavte úhel a utáhněte je
(b) Na stěnu: Protáhněte kabel montážním adaptérem, Upevněte šrouby ke stěně pomocí 4 ks šroubů M8
(NENÍ V CENĚ). Pomocí klíče povolte šroub na svítidle a nastavte úhel a utáhněte je.
4. Zapněte napájení pro Test
